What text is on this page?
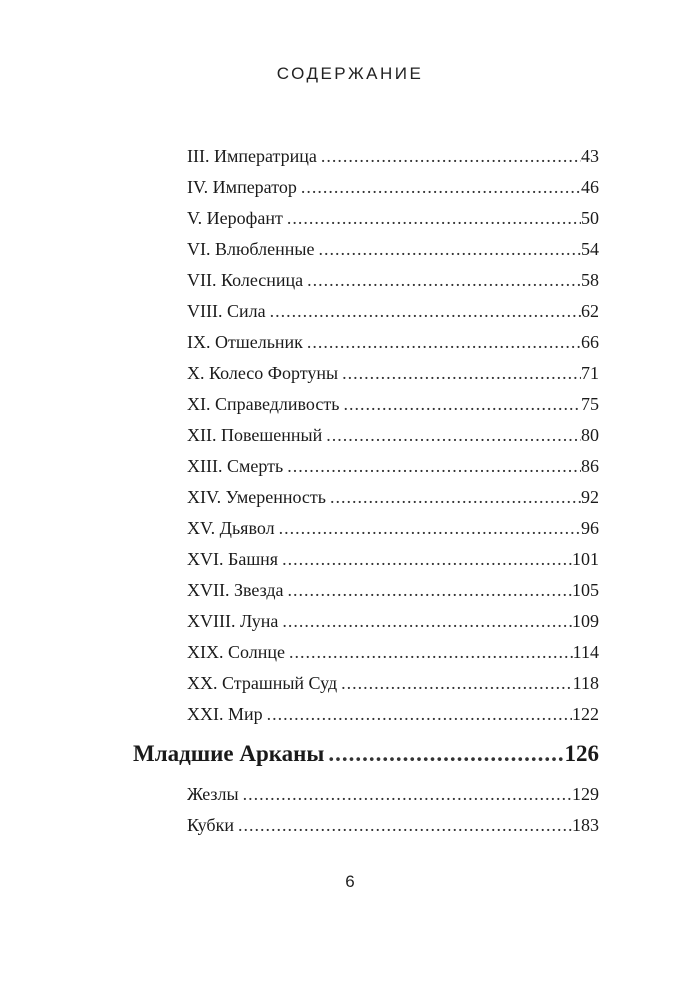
СОДЕРЖАНИЕ
III. Императрица .....	43
IV. Император .....	46
V. Иерофант .....	50
VI. Влюбленные .....	54
VII. Колесница .....	58
VIII. Сила .....	62
IX. Отшельник .....	66
X. Колесо Фортуны .....	71
XI. Справедливость .....	75
XII. Повешенный .....	80
XIII. Смерть .....	86
XIV. Умеренность .....	92
XV. Дьявол .....	96
XVI. Башня .....	101
XVII. Звезда .....	105
XVIII. Луна .....	109
XIX. Солнце .....	114
XX. Страшный Суд .....	118
XXI. Мир .....	122
Младшие Арканы .....	126
Жезлы .....	129
Кубки .....	183
6
